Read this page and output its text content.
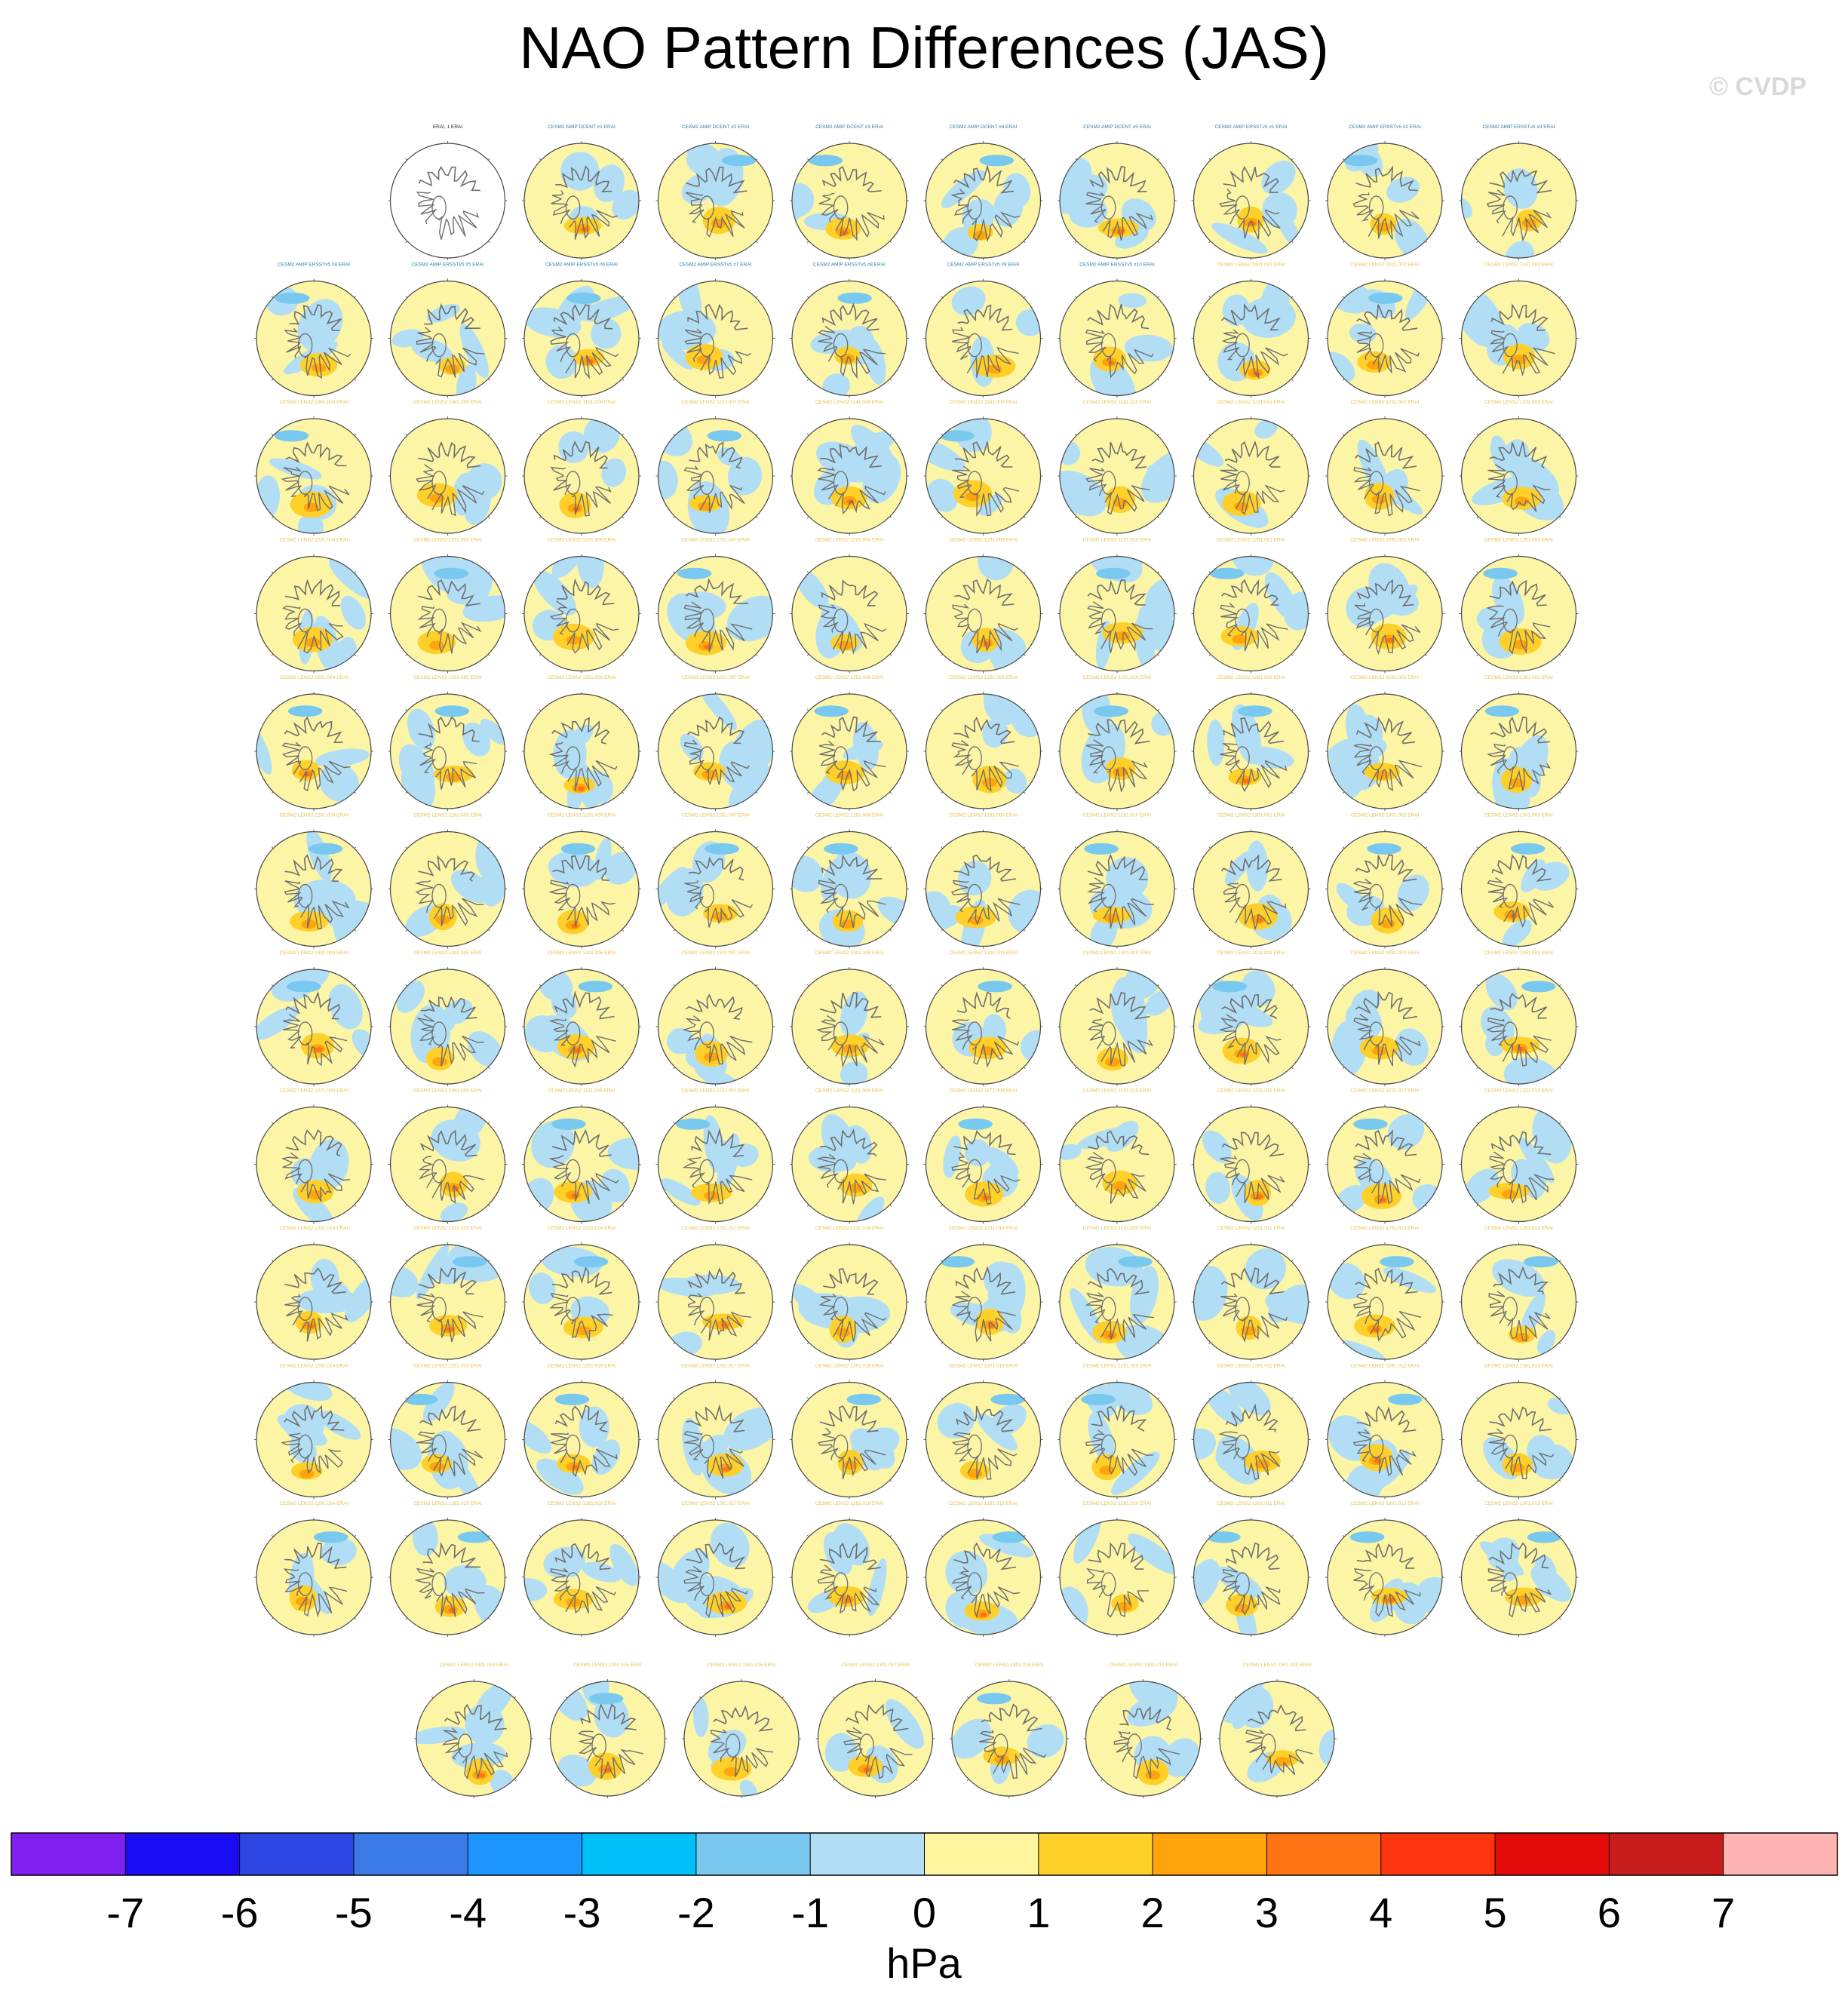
NAO Pattern Differences (JAS)
© CVDP
ERAI, 1 ERAI	CESM2 AMIP DCENT #1 ERAI	CESM2 AMIP DCENT #2 ERAI	CESM2 AMIP DCENT #3 ERAI	CESM2 AMIP DCENT #4 ERAI	CESM2 AMIP DCENT #5 ERAI	CESM2 AMIP ERSSTv5 #1 ERAI	CESM2 AMIP ERSSTv5 #2 ERAI	CESM2 AMIP ERSSTv5 #3 ERAI
CESM2 AMIP ERSSTv5 #4 ERAI	CESM2 AMIP ERSSTv5 #5 ERAI	CESM2 AMIP ERSSTv5 #6 ERAI	CESM2 AMIP ERSSTv5 #7 ERAI	CESM2 AMIP ERSSTv5 #8 ERAI	CESM2 AMIP ERSSTv5 #9 ERAI	CESM2 AMIP ERSSTv5 #10 ERAI	CESM2 LENS2 1001.001 ERAI	CESM2 LENS2 1021.002 ERAI	CESM2 LENS2 1041.003 ERAI
CESM2 LENS2 1061.004 ERAI	CESM2 LENS2 1081.005 ERAI	CESM2 LENS2 1101.006 ERAI	CESM2 LENS2 1121.007 ERAI	CESM2 LENS2 1141.008 ERAI	CESM2 LENS2 1161.009 ERAI	CESM2 LENS2 1181.010 ERAI	CESM2 LENS2 1231.001 ERAI	CESM2 LENS2 1231.002 ERAI	CESM2 LENS2 1231.003 ERAI
CESM2 LENS2 1231.004 ERAI	CESM2 LENS2 1231.005 ERAI	CESM2 LENS2 1231.006 ERAI	CESM2 LENS2 1231.007 ERAI	CESM2 LENS2 1231.008 ERAI	CESM2 LENS2 1231.009 ERAI	CESM2 LENS2 1231.010 ERAI	CESM2 LENS2 1251.001 ERAI	CESM2 LENS2 1251.002 ERAI	CESM2 LENS2 1251.003 ERAI
CESM2 LENS2 1251.004 ERAI	CESM2 LENS2 1251.005 ERAI	CESM2 LENS2 1251.006 ERAI	CESM2 LENS2 1251.007 ERAI	CESM2 LENS2 1251.008 ERAI	CESM2 LENS2 1251.009 ERAI	CESM2 LENS2 1251.010 ERAI	CESM2 LENS2 1281.001 ERAI	CESM2 LENS2 1281.002 ERAI	CESM2 LENS2 1281.003 ERAI
CESM2 LENS2 1281.004 ERAI	CESM2 LENS2 1281.005 ERAI	CESM2 LENS2 1281.006 ERAI	CESM2 LENS2 1281.007 ERAI	CESM2 LENS2 1281.008 ERAI	CESM2 LENS2 1281.009 ERAI	CESM2 LENS2 1281.010 ERAI	CESM2 LENS2 1301.001 ERAI	CESM2 LENS2 1301.002 ERAI	CESM2 LENS2 1301.003 ERAI
CESM2 LENS2 1301.004 ERAI	CESM2 LENS2 1301.005 ERAI	CESM2 LENS2 1301.006 ERAI	CESM2 LENS2 1301.007 ERAI	CESM2 LENS2 1301.008 ERAI	CESM2 LENS2 1301.009 ERAI	CESM2 LENS2 1301.010 ERAI	CESM2 LENS2 1011.001 ERAI	CESM2 LENS2 1031.002 ERAI	CESM2 LENS2 1051.003 ERAI
CESM2 LENS2 1071.004 ERAI	CESM2 LENS2 1091.005 ERAI	CESM2 LENS2 1111.006 ERAI	CESM2 LENS2 1131.007 ERAI	CESM2 LENS2 1151.008 ERAI	CESM2 LENS2 1171.009 ERAI	CESM2 LENS2 1191.010 ERAI	CESM2 LENS2 1231.011 ERAI	CESM2 LENS2 1231.012 ERAI	CESM2 LENS2 1231.013 ERAI
CESM2 LENS2 1231.014 ERAI	CESM2 LENS2 1231.015 ERAI	CESM2 LENS2 1231.016 ERAI	CESM2 LENS2 1231.017 ERAI	CESM2 LENS2 1231.018 ERAI	CESM2 LENS2 1231.019 ERAI	CESM2 LENS2 1231.020 ERAI	CESM2 LENS2 1251.011 ERAI	CESM2 LENS2 1251.012 ERAI	CESM2 LENS2 1251.013 ERAI
CESM2 LENS2 1251.014 ERAI	CESM2 LENS2 1251.015 ERAI	CESM2 LENS2 1251.016 ERAI	CESM2 LENS2 1251.017 ERAI	CESM2 LENS2 1251.018 ERAI	CESM2 LENS2 1251.019 ERAI	CESM2 LENS2 1251.020 ERAI	CESM2 LENS2 1281.011 ERAI	CESM2 LENS2 1281.012 ERAI	CESM2 LENS2 1281.013 ERAI
CESM2 LENS2 1281.014 ERAI	CESM2 LENS2 1281.015 ERAI	CESM2 LENS2 1281.016 ERAI	CESM2 LENS2 1281.017 ERAI	CESM2 LENS2 1281.018 ERAI	CESM2 LENS2 1281.019 ERAI	CESM2 LENS2 1281.020 ERAI	CESM2 LENS2 1301.011 ERAI	CESM2 LENS2 1301.012 ERAI	CESM2 LENS2 1301.013 ERAI
CESM2 LENS2 1301.014 ERAI	CESM2 LENS2 1301.015 ERAI	CESM2 LENS2 1301.016 ERAI	CESM2 LENS2 1301.017 ERAI	CESM2 LENS2 1301.018 ERAI	CESM2 LENS2 1301.019 ERAI	CESM2 LENS2 1301.020 ERAI
-7 -6 -5 -4 -3 -2 -1 0 1 2 3 4 5 6 7
hPa
